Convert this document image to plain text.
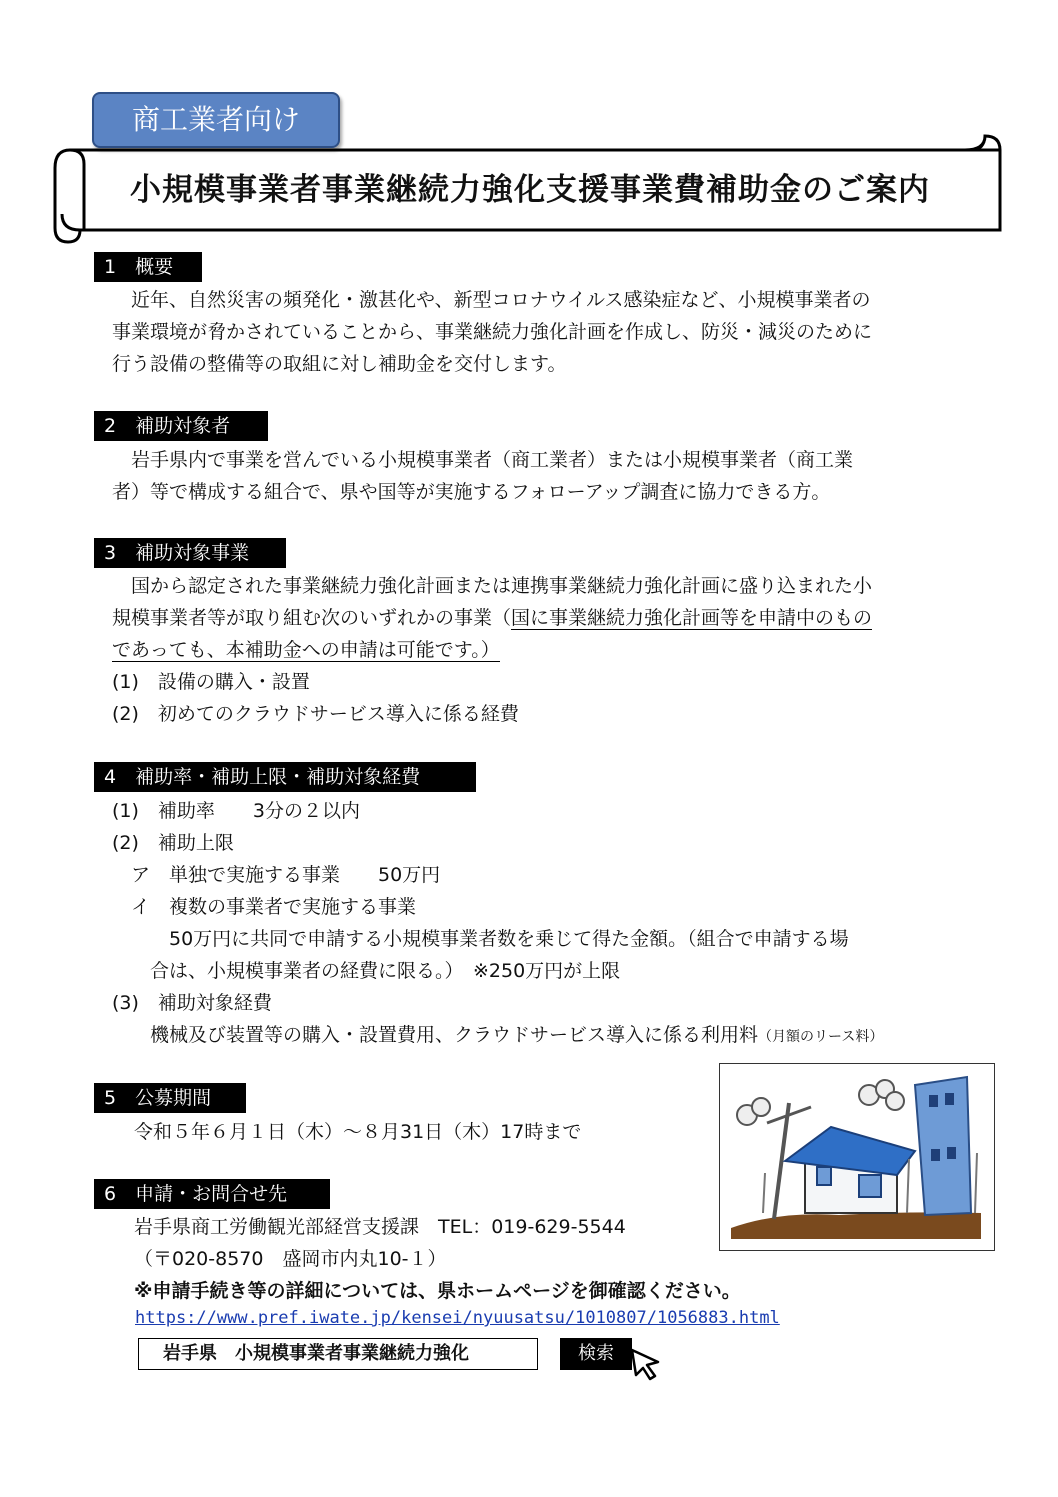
商工業者向け
小規模事業者事業継続力強化支援事業費補助金のご案内
1　概要
　近年、自然災害の頻発化・激甚化や、新型コロナウイルス感染症など、小規模事業者の
事業環境が脅かされていることから、事業継続力強化計画を作成し、防災・減災のために
行う設備の整備等の取組に対し補助金を交付します。
2　補助対象者
　岩手県内で事業を営んでいる小規模事業者（商工業者）または小規模事業者（商工業
者）等で構成する組合で、県や国等が実施するフォローアップ調査に協力できる方。
3　補助対象事業
　国から認定された事業継続力強化計画または連携事業継続力強化計画に盛り込まれた小
規模事業者等が取り組む次のいずれかの事業（国に事業継続力強化計画等を申請中のもの
であっても、本補助金への申請は可能です。）
(1)　設備の購入・設置
(2)　初めてのクラウドサービス導入に係る経費
4　補助率・補助上限・補助対象経費
(1)　補助率　　3分の２以内
(2)　補助上限
　ア　単独で実施する事業　　50万円
　イ　複数の事業者で実施する事業
　　　50万円に共同で申請する小規模事業者数を乗じて得た金額。（組合で申請する場
　　合は、小規模事業者の経費に限る。）　※250万円が上限
(3)　補助対象経費
　　機械及び装置等の購入・設置費用、クラウドサービス導入に係る利用料（月額のリース料）
5　公募期間
令和５年６月１日（木）～８月31日（木）17時まで
6　申請・お問合せ先
岩手県商工労働観光部経営支援課　TEL：019-629-5544
（〒020-8570　盛岡市内丸10-１）
※申請手続き等の詳細については、県ホームページを御確認ください。
https://www.pref.iwate.jp/kensei/nyuusatsu/1010807/1056883.html
岩手県　小規模事業者事業継続力強化	検索
